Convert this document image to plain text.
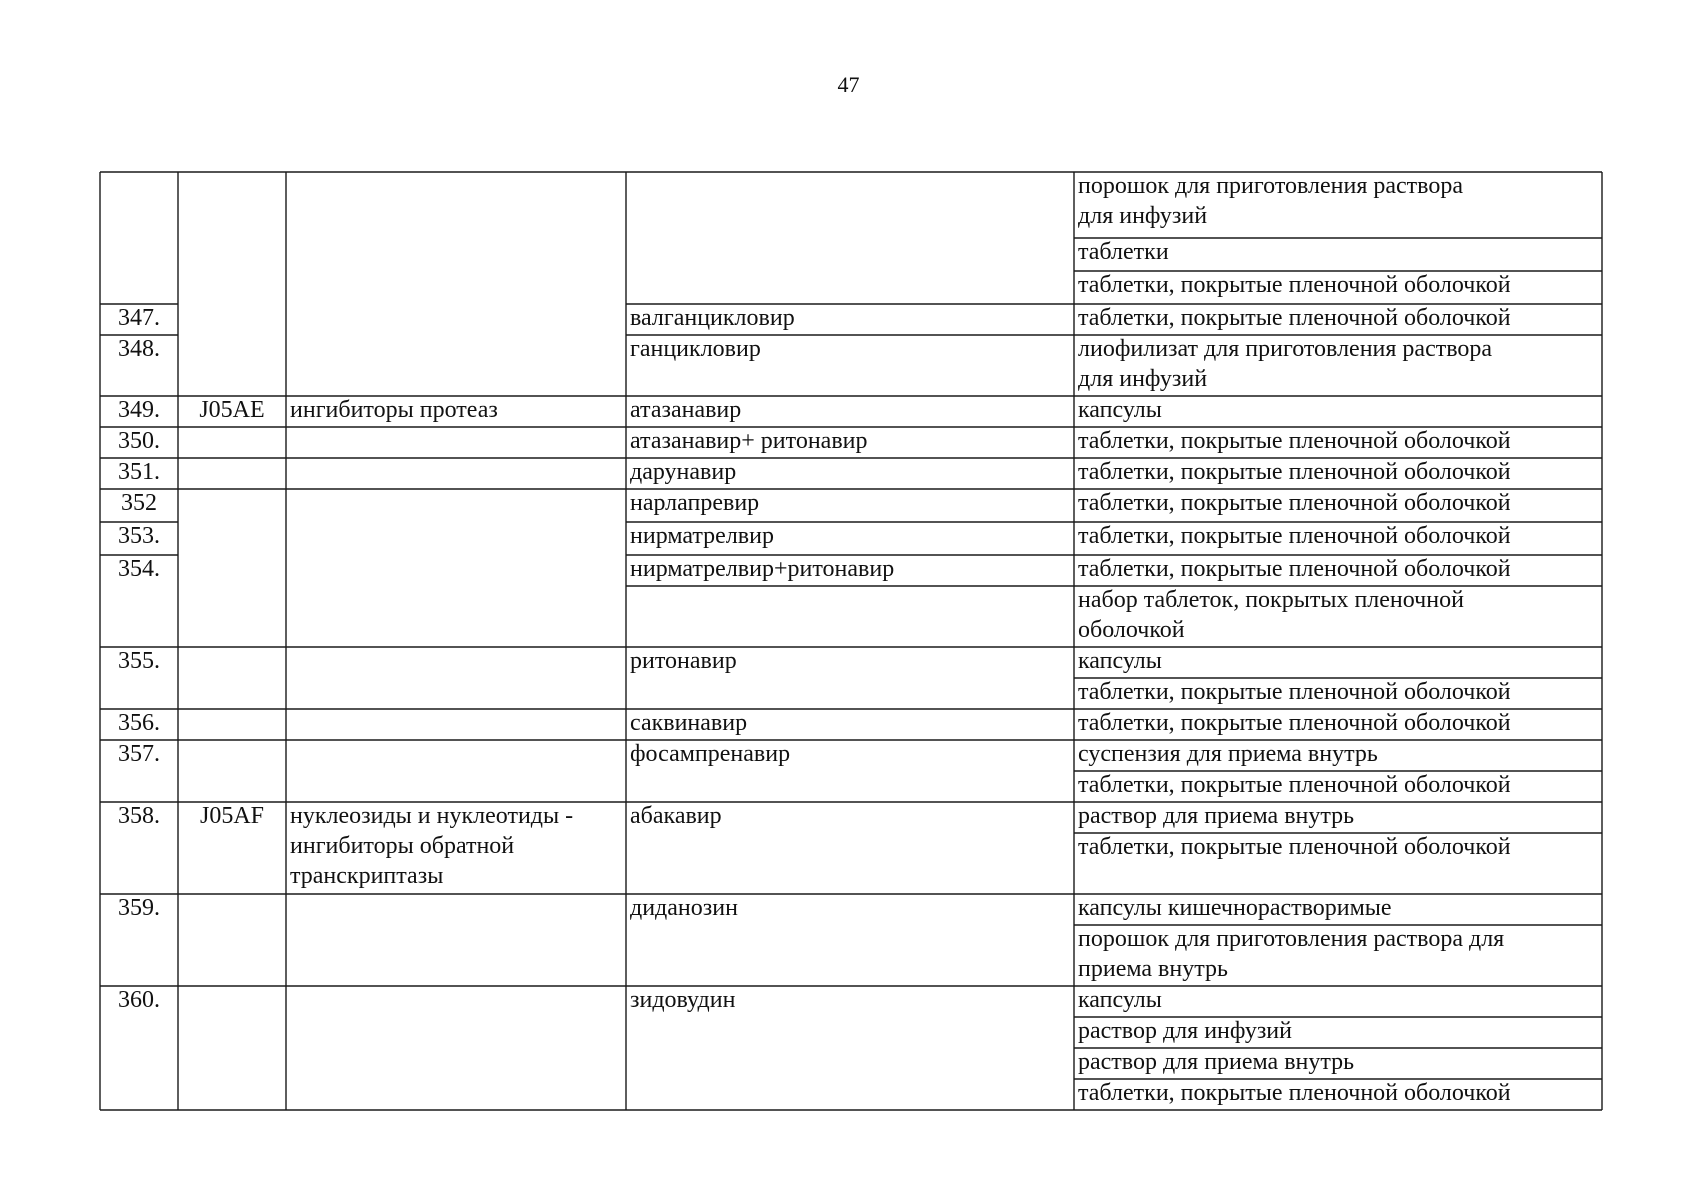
47
347.
348.
349.
350.
351.
352
353.
354.
355.
356.
357.
358.
359.
360.
J05AE
J05AF
ингибиторы протеаз
нуклеозиды и нуклеотиды -
ингибиторы обратной
транскриптазы
валганцикловир
ганцикловир
атазанавир
атазанавир+ ритонавир
дарунавир
нарлапревир
нирматрелвир
нирматрелвир+ритонавир
ритонавир
саквинавир
фосампренавир
абакавир
диданозин
зидовудин
порошок для приготовления раствора
для инфузий
таблетки
таблетки, покрытые пленочной оболочкой
таблетки, покрытые пленочной оболочкой
лиофилизат для приготовления раствора
для инфузий
капсулы
таблетки, покрытые пленочной оболочкой
таблетки, покрытые пленочной оболочкой
таблетки, покрытые пленочной оболочкой
таблетки, покрытые пленочной оболочкой
таблетки, покрытые пленочной оболочкой
набор таблеток, покрытых пленочной
оболочкой
капсулы
таблетки, покрытые пленочной оболочкой
таблетки, покрытые пленочной оболочкой
суспензия для приема внутрь
таблетки, покрытые пленочной оболочкой
раствор для приема внутрь
таблетки, покрытые пленочной оболочкой
капсулы кишечнорастворимые
порошок для приготовления раствора для
приема внутрь
капсулы
раствор для инфузий
раствор для приема внутрь
таблетки, покрытые пленочной оболочкой
